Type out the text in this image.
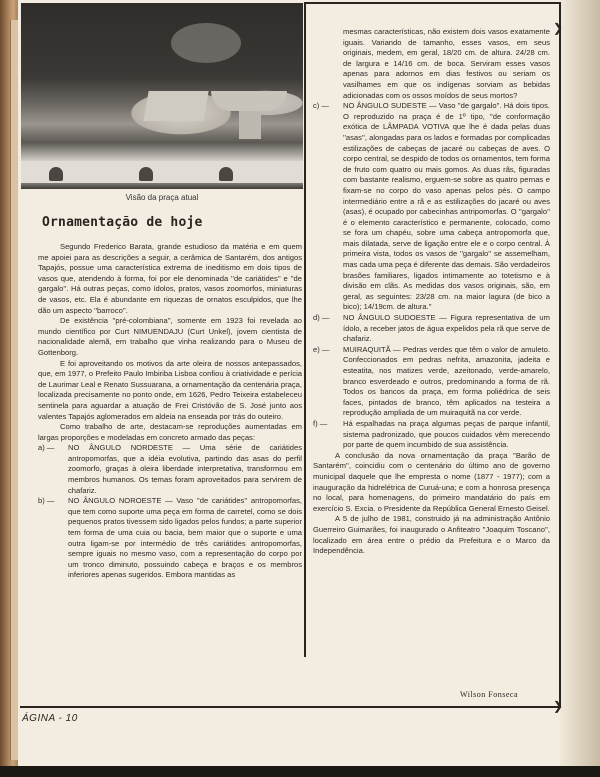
Visão da praça atual
Ornamentação de hoje
❯
❯

Segundo Frederico Barata, grande estudioso da matéria e em quem me apoiei para as descrições a seguir, a cerâmica de Santarém, dos antigos Tapajós, possue uma característica extrema de ineditismo em dois tipos de vasos que, atendendo à forma, foi por ele denominada ''de cariátides'' e ''de gargalo''. Há outras peças, como ídolos, pratos, vasos zoomorfos, miniaturas de vasos, etc. Ela é abundante em riquezas de ornatos esculpidos, que lhe dão um aspecto ''barroco''.

De existência ''pré-colombiana'', somente em 1923 foi revelada ao mundo científico por Curt NIMUENDAJU (Curt Unkel), jovem cientista de nacionalidade alemã, em trabalho que vinha realizando para o Museu de Gottenborg.

E foi aproveitando os motivos da arte oleira de nossos antepassados, que, em 1977, o Prefeito Paulo Imbiriba Lisboa confiou à criatividade e perícia de Laurimar Leal e Renato Sussuarana, a ornamentação da centenária praça, localizada precisamente no ponto onde, em 1626, Pedro Teixeira estabeleceu sentinela para aguardar a atuação de Frei Cristóvão de S. José junto aos valentes Tapajós aglomerados em aldeia na enseada por trás do outeiro.

Como trabalho de arte, destacam-se reproduções aumentadas em largas proporções e modeladas em concreto armado das peças:

a) —	NO ÂNGULO NORDESTE — Uma série de cariátides antropomorfas, que a idéia evolutiva, partindo das asas do perfil zoomorfo, graças à oleira liberdade interpretativa, transformou em membros humanos. Os temas foram aproveitados para servirem de chafariz.
b) —	NO ÂNGULO NOROESTE — Vaso ''de cariátides'' antropomorfas, que tem como suporte uma peça em forma de carretel, como se dois pequenos pratos tivessem sido ligados pelos fundos; a parte superior tem forma de uma cuia ou bacia, bem maior que o suporte e uma outra ligam-se por intermédio de três cariátides antropomorfas, sempre iguais no mesmo vaso, com a representação do corpo por um tronco diminuto, possuindo cabeça e braços e os membros inferiores apenas sugeridos. Embora mantidas as

mesmas características, não existem dois vasos exatamente iguais. Variando de tamanho, esses vasos, em seus originais, medem, em geral, 18/20 cm. de altura. 24/28 cm. de largura e 14/16 cm. de boca. Serviram esses vasos apenas para adornos em dias festivos ou seriam os vasilhames em que os indígenas sorviam as bebidas adicionadas com os ossos moídos de seus mortos?

c) —	NO ÂNGULO SUDESTE — Vaso ''de gargalo''. Há dois tipos. O reproduzido na praça é de 1º tipo, ''de conformação exótica de LÂMPADA VOTIVA que lhe é dada pelas duas ''asas'', alongadas para os lados e formadas por complicadas estilizações de cabeças de jacaré ou cabeças de aves. O corpo central, se despido de todos os ornamentos, tem forma de fruto com quatro ou mais gomos. As duas rãs, figuradas com bastante realismo, erguem-se sobre as quatro pernas e fixam-se no corpo do vaso apenas pelos pés. O campo intermediário entre a rã e as estilizações do jacaré ou aves (asas), é ocupado por cabecinhas antripomorfas. O ''gargalo'' é o elemento característico e permanente, colocado, como se fora um chapéu, sobre uma cabeça antropomorfa que, mais dilatada, serve de ligação entre ele e o corpo central. À primeira vista, todos os vasos de ''gargalo'' se assemelham, mas cada uma peça é diferente das demais. São verdadeiros brasões familiares, ligados intimamente ao totetismo e à divisão em clãs. As medidas dos vasos originais, são, em geral, as seguintes: 23/28 cm. na maior lagura (de bico a bico); 14/19cm. de altura.''
d) —	NO ÂNGULO SUDOESTE — Figura representativa de um ídolo, a receber jatos de água expelidos pela rã que serve de chafariz.
e) —	MUIRAQUITÃ — Pedras verdes que têm o valor de amuleto. Confeccionados em pedras nefrita, amazonita, jadeita e esteatita, nos matizes verde, azeitonado, verde-amarelo, branco esverdeado e outros, predominando a forma de rã. Todos os bancos da praça, em forma poliédrica de seis faces, pintados de branco, têm aplicados na testeira a reprodução ampliada de um muiraquitã na cor verde.
f) —	Há espalhadas na praça algumas peças de parque infantil, sistema padronizado, que poucos cuidados vêm merecendo por parte de quem incumbido de sua assistência.

A conclusão da nova ornamentação da praça ''Barão de Santarém'', coincidiu com o centenário do último ano de governo municipal daquele que lhe empresta o nome (1877 - 1977); com a inauguração da hidrelétrica de Curuá-una; e com a honrosa presença no local, para homenagens, do primeiro mandatário do país em exercício S. Excia. o Presidente da República General Ernesto Geisel.

A 5 de julho de 1981, construido já na administração Antônio Guerreiro Guimarães, foi inaugurado o Anfiteatro ''Joaquim Toscano'', localizado em área entre o prédio da Prefeitura e o Marco da Independência.

Wilson Fonseca
ÁGINA - 10
